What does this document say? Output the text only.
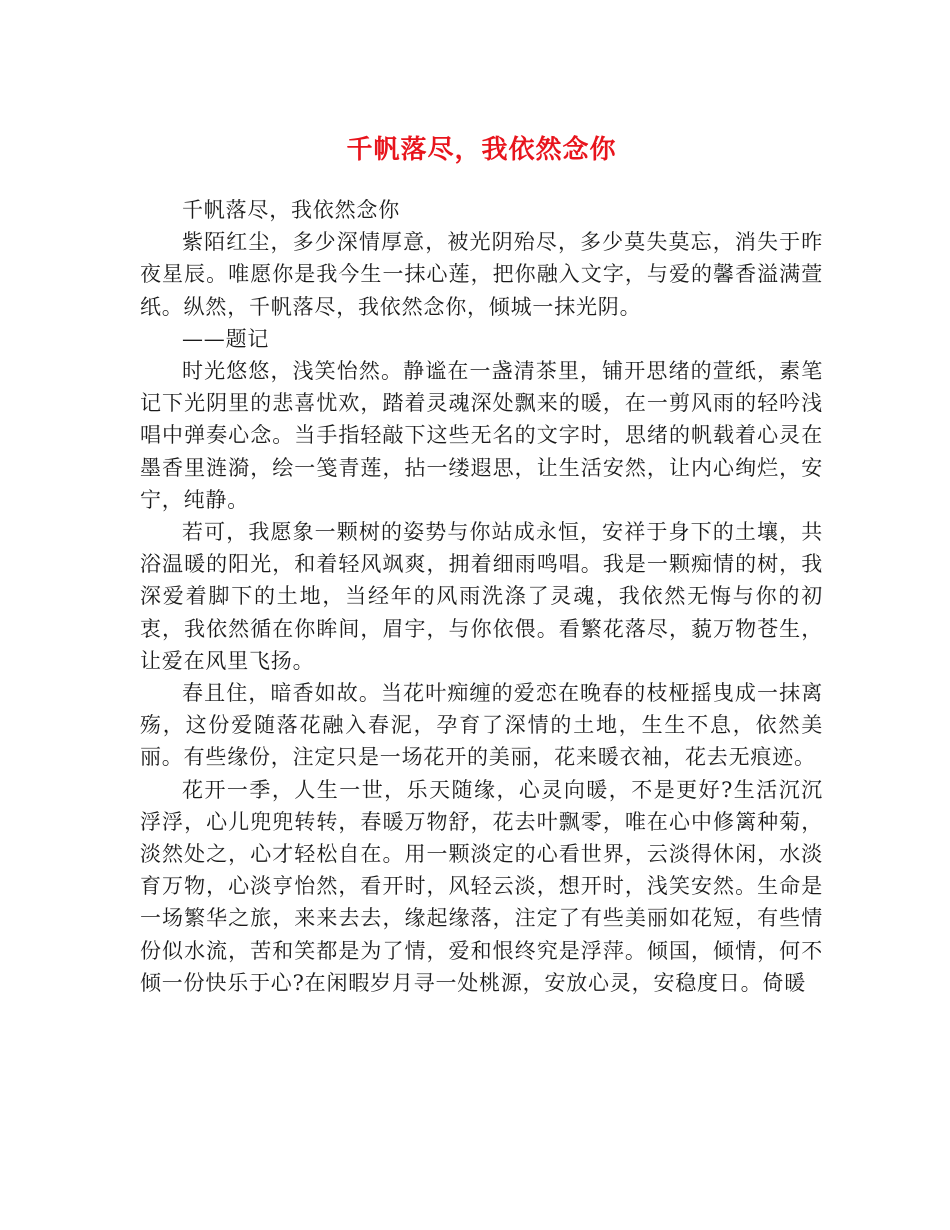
千帆落尽，我依然念你

千帆落尽，我依然念你

紫陌红尘，多少深情厚意，被光阴殆尽，多少莫失莫忘，消失于昨夜星辰。唯愿你是我今生一抹心莲，把你融入文字，与爱的馨香溢满萱纸。纵然，千帆落尽，我依然念你，倾城一抹光阴。

——题记

时光悠悠，浅笑怡然。静谧在一盏清茶里，铺开思绪的萱纸，素笔记下光阴里的悲喜忧欢，踏着灵魂深处飘来的暖，在一剪风雨的轻吟浅唱中弹奏心念。当手指轻敲下这些无名的文字时，思绪的帆载着心灵在墨香里涟漪，绘一笺青莲，拈一缕遐思，让生活安然，让内心绚烂，安宁，纯静。

若可，我愿象一颗树的姿势与你站成永恒，安祥于身下的土壤，共浴温暖的阳光，和着轻风飒爽，拥着细雨鸣唱。我是一颗痴情的树，我深爱着脚下的土地，当经年的风雨洗涤了灵魂，我依然无悔与你的初衷，我依然循在你眸间，眉宇，与你依偎。看繁花落尽，藐万物苍生，让爱在风里飞扬。

春且住，暗香如故。当花叶痴缠的爱恋在晚春的枝桠摇曳成一抹离殇，这份爱随落花融入春泥，孕育了深情的土地，生生不息，依然美丽。有些缘份，注定只是一场花开的美丽，花来暖衣袖，花去无痕迹。

花开一季，人生一世，乐天随缘，心灵向暖，不是更好?生活沉沉浮浮，心儿兜兜转转，春暖万物舒，花去叶飘零，唯在心中修篱种菊，淡然处之，心才轻松自在。用一颗淡定的心看世界，云淡得休闲，水淡育万物，心淡亨怡然，看开时，风轻云淡，想开时，浅笑安然。生命是一场繁华之旅，来来去去，缘起缘落，注定了有些美丽如花短，有些情份似水流，苦和笑都是为了情，爱和恨终究是浮萍。倾国，倾情，何不倾一份快乐于心?在闲暇岁月寻一处桃源，安放心灵，安稳度日。倚暖
